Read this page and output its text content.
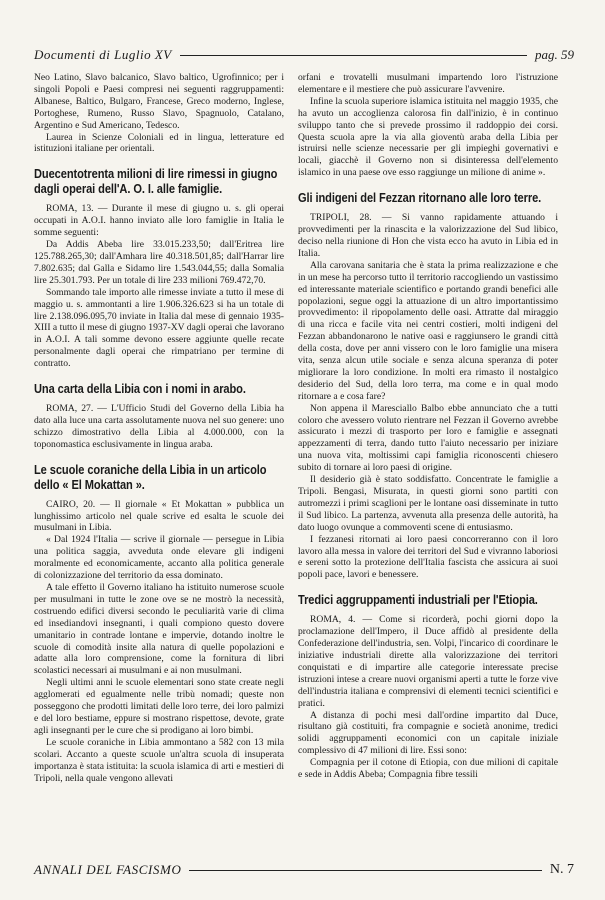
Documenti di Luglio XV	pag. 59

Neo Latino, Slavo balcanico, Slavo baltico, Ugrofinnico; per i singoli Popoli e Paesi compresi nei seguenti raggruppamenti: Albanese, Baltico, Bulgaro, Francese, Greco moderno, Inglese, Portoghese, Rumeno, Russo Slavo, Spagnuolo, Catalano, Argentino e Sud Americano, Tedesco.

Laurea in Scienze Coloniali ed in lingua, letterature ed istituzioni italiane per orientali.

Duecentotrenta milioni di lire rimessi in giugno dagli operai dell'A. O. I. alle famiglie.

ROMA, 13. — Durante il mese di giugno u. s. gli operai occupati in A.O.I. hanno inviato alle loro famiglie in Italia le somme seguenti:

Da Addis Abeba lire 33.015.233,50; dall'Eritrea lire 125.788.265,30; dall'Amhara lire 40.318.501,85; dall'Harrar lire 7.802.635; dal Galla e Sidamo lire 1.543.044,55; dalla Somalia lire 25.301.793. Per un totale di lire 233 milioni 769.472,70.

Sommando tale importo alle rimesse inviate a tutto il mese di maggio u. s. ammontanti a lire 1.906.326.623 si ha un totale di lire 2.138.096.095,70 inviate in Italia dal mese di gennaio 1935-XIII a tutto il mese di giugno 1937-XV dagli operai che lavorano in A.O.I. A tali somme devono essere aggiunte quelle recate personalmente dagli operai che rimpatriano per termine di contratto.

Una carta della Libia con i nomi in arabo.

ROMA, 27. — L'Ufficio Studi del Governo della Libia ha dato alla luce una carta assolutamente nuova nel suo genere: uno schizzo dimostrativo della Libia al 4.000.000, con la toponomastica esclusivamente in lingua araba.

Le scuole coraniche della Libia in un articolo dello « El Mokattan ».

CAIRO, 20. — Il giornale « Et Mokattan » pubblica un lunghissimo articolo nel quale scrive ed esalta le scuole dei musulmani in Libia.

« Dal 1924 l'Italia — scrive il giornale — persegue in Libia una politica saggia, avveduta onde elevare gli indigeni moralmente ed economicamente, accanto alla politica generale di colonizzazione del territorio da essa dominato.

A tale effetto il Governo italiano ha istituito numerose scuole per musulmani in tutte le zone ove se ne mostrò la necessità, costruendo edifici diversi secondo le peculiarità varie di clima ed insediandovi insegnanti, i quali compiono questo dovere umanitario in contrade lontane e impervie, dotando inoltre le scuole di comodità insite alla natura di quelle popolazioni e adatte alla loro comprensione, come la fornitura di libri scolastici necessari ai musulmani e ai non musulmani.

Negli ultimi anni le scuole elementari sono state create negli agglomerati ed egualmente nelle tribù nomadi; queste non posseggono che prodotti limitati delle loro terre, dei loro palmizi e del loro bestiame, eppure si mostrano rispettose, devote, grate agli insegnanti per le cure che si prodigano ai loro bimbi.

Le scuole coraniche in Libia ammontano a 582 con 13 mila scolari. Accanto a queste scuole un'altra scuola di insuperata importanza è stata istituita: la scuola islamica di arti e mestieri di Tripoli, nella quale vengono allevati

orfani e trovatelli musulmani impartendo loro l'istruzione elementare e il mestiere che può assicurare l'avvenire.

Infine la scuola superiore islamica istituita nel maggio 1935, che ha avuto un accoglienza calorosa fin dall'inizio, è in continuo sviluppo tanto che si prevede prossimo il raddoppio dei corsi. Questa scuola apre la via alla gioventù araba della Libia per istruirsi nelle scienze necessarie per gli impieghi governativi e locali, giacchè il Governo non si disinteressa dell'elemento islamico in una paese ove esso raggiunge un milione di anime ».

Gli indigeni del Fezzan ritornano alle loro terre.

TRIPOLI, 28. — Si vanno rapidamente attuando i provvedimenti per la rinascita e la valorizzazione del Sud libico, deciso nella riunione di Hon che vista ecco ha avuto in Libia ed in Italia.

Alla carovana sanitaria che è stata la prima realizzazione e che in un mese ha percorso tutto il territorio raccogliendo un vastissimo ed interessante materiale scientifico e portando grandi benefici alle popolazioni, segue oggi la attuazione di un altro importantissimo provvedimento: il ripopolamento delle oasi. Attratte dal miraggio di una ricca e facile vita nei centri costieri, molti indigeni del Fezzan abbandonarono le native oasi e raggiunsero le grandi città della costa, dove per anni vissero con le loro famiglie una misera vita, senza alcun utile sociale e senza alcuna speranza di poter migliorare la loro condizione. In molti era rimasto il nostalgico desiderio del Sud, della loro terra, ma come e in qual modo ritornare a e cosa fare?

Non appena il Maresciallo Balbo ebbe annunciato che a tutti coloro che avessero voluto rientrare nel Fezzan il Governo avrebbe assicurato i mezzi di trasporto per loro e famiglie e assegnati appezzamenti di terra, dando tutto l'aiuto necessario per iniziare una nuova vita, moltissimi capi famiglia riconoscenti chiesero subito di tornare ai loro paesi di origine.

Il desiderio già è stato soddisfatto. Concentrate le famiglie a Tripoli. Bengasi, Misurata, in questi giorni sono partiti con autromezzi i primi scaglioni per le lontane oasi disseminate in tutto il Sud libico. La partenza, avvenuta alla presenza delle autorità, ha dato luogo ovunque a commoventi scene di entusiasmo.

I fezzanesi ritornati ai loro paesi concorreranno con il loro lavoro alla messa in valore dei territori del Sud e vivranno laboriosi e sereni sotto la protezione dell'Italia fascista che assicura ai suoi popoli pace, lavori e benessere.

Tredici aggruppamenti industriali per l'Etiopia.

ROMA, 4. — Come si ricorderà, pochi giorni dopo la proclamazione dell'Impero, il Duce affidò al presidente della Confederazione dell'industria, sen. Volpi, l'incarico di coordinare le iniziative industriali dirette alla valorizzazione dei territori conquistati e di impartire alle categorie interessate precise istruzioni intese a creare nuovi organismi aperti a tutte le forze vive dell'industria italiana e comprensivi di elementi tecnici scientifici e pratici.

A distanza di pochi mesi dall'ordine impartito dal Duce, risultano già costituiti, fra compagnie e società anonime, tredici solidi aggruppamenti economici con un capitale iniziale complessivo di 47 milioni di lire. Essi sono:

Compagnia per il cotone di Etiopia, con due milioni di capitale e sede in Addis Abeba; Compagnia fibre tessili

ANNALI DEL FASCISMO	N. 7
